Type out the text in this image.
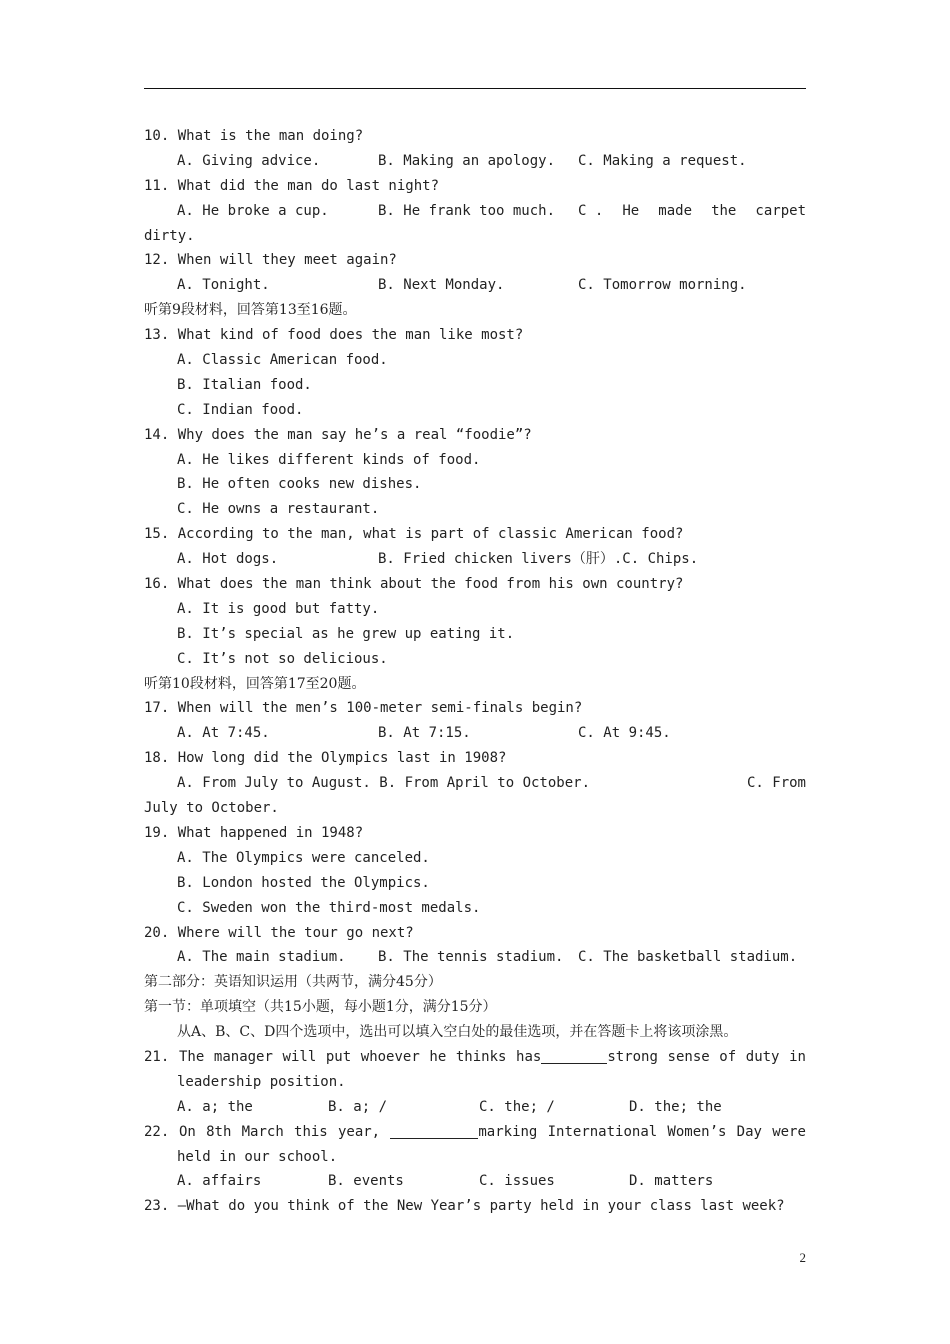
10. What is the man doing?

A. Giving advice.

	B. Making an apology.

C. Making a request.

11. What did the man do last night?

A. He broke a cup.

	B. He frank too much.

C . He made the carpet

dirty.
12. When will they meet again?

A. Tonight.

	B. Next Monday.

	C. Tomorrow morning.

听第9段材料，回答第13至16题。
13. What kind of food does the man like most?
A. Classic American food.
B. Italian food.
C. Indian food.
14. Why does the man say he’s a real “foodie”?
A. He likes different kinds of food.
B. He often cooks new dishes.
C. He owns a restaurant.
15. According to the man, what is part of classic American food?

A. Hot dogs.

	B. Fried chicken livers（肝）.C. Chips.

16. What does the man think about the food from his own country?
A. It is good but fatty.
B. It’s special as he grew up eating it.
C. It’s not so delicious.
听第10段材料，回答第17至20题。
17. When will the men’s 100-meter semi-finals begin?

A. At 7:45.

	B. At 7:15.

	C. At 9:45.

18. How long did the Olympics last in 1908?

A. From July to August. B. From April to October.

	C. From

July to October.
19. What happened in 1948?
A. The Olympics were canceled.
B. London hosted the Olympics.
C. Sweden won the third-most medals.
20. Where will the tour go next?

A. The main stadium.

B. The tennis stadium.

C. The basketball stadium.

第二部分：英语知识运用（共两节，满分45分）
第一节：单项填空（共15小题，每小题1分，满分15分）
从A、B、C、D四个选项中，选出可以填入空白处的最佳选项，并在答题卡上将该项涂黑。

21.

The manager will put whoever he thinks has	strong sense of duty in

leadership position.

A. a; the

	B. a; /

	C. the; /

	D. the; the

22.

On 8th March this year,	marking International Women’s Day were

held in our school.

A. affairs

	B. events

	C. issues

	D. matters

23. —What do you think of the New Year’s party held in your class last week?
2
